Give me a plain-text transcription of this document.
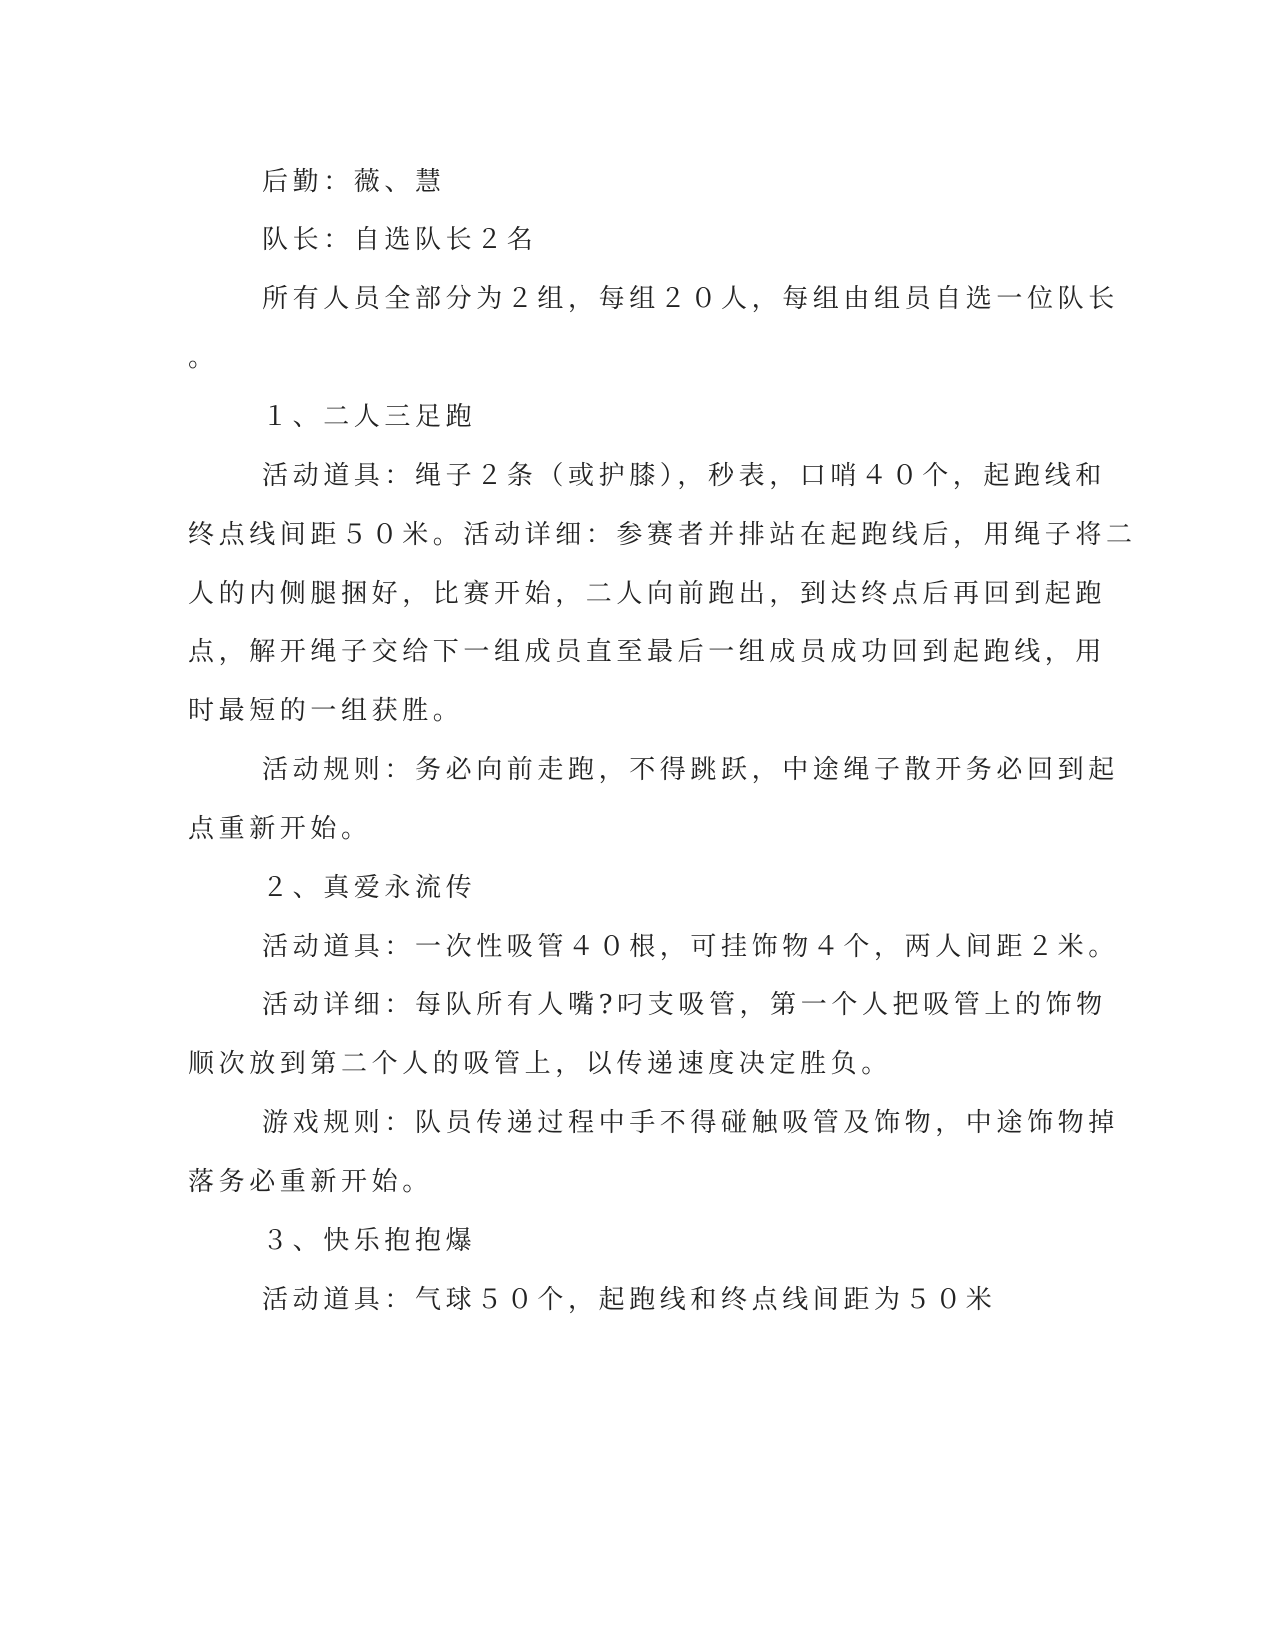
后勤：薇、慧
队长：自选队长２名
所有人员全部分为２组，每组２０人，每组由组员自选一位队长
。
１、二人三足跑
活动道具：绳子２条（或护膝），秒表，口哨４０个，起跑线和
终点线间距５０米。活动详细：参赛者并排站在起跑线后，用绳子将二
人的内侧腿捆好，比赛开始，二人向前跑出，到达终点后再回到起跑
点，解开绳子交给下一组成员直至最后一组成员成功回到起跑线，用
时最短的一组获胜。
活动规则：务必向前走跑，不得跳跃，中途绳子散开务必回到起
点重新开始。
２、真爱永流传
活动道具：一次性吸管４０根，可挂饰物４个，两人间距２米。
活动详细：每队所有人嘴?叼支吸管，第一个人把吸管上的饰物
顺次放到第二个人的吸管上，以传递速度决定胜负。
游戏规则：队员传递过程中手不得碰触吸管及饰物，中途饰物掉
落务必重新开始。
３、快乐抱抱爆
活动道具：气球５０个，起跑线和终点线间距为５０米
